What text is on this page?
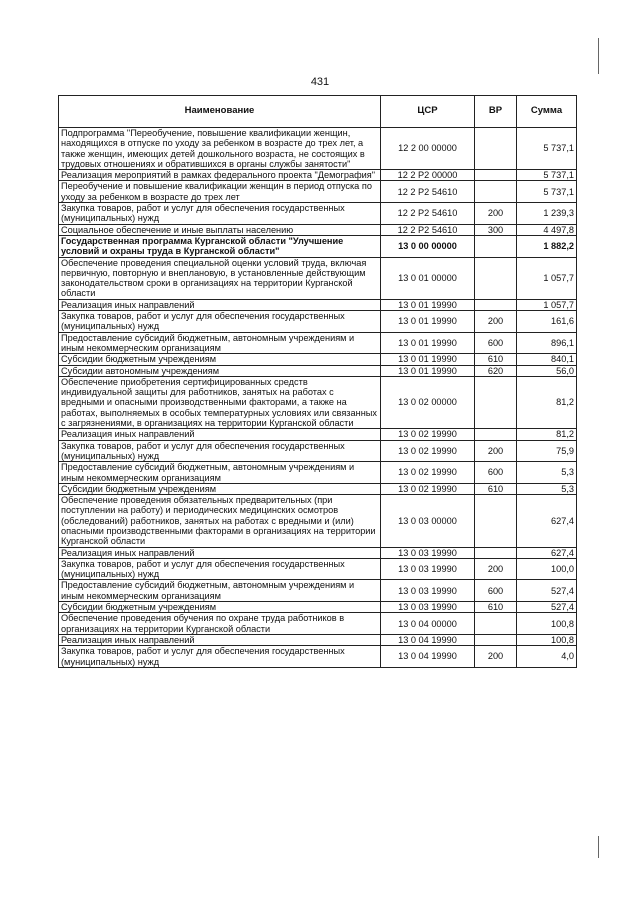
431
Наименование	ЦСР	ВР	Сумма
Подпрограмма "Переобучение, повышение квалификации женщин, находящихся в отпуске по уходу за ребенком в возрасте до трех лет, а также женщин, имеющих детей дошкольного возраста, не состоящих в трудовых отношениях и обратившихся в органы службы занятости"	12 2 00 00000		5 737,1
Реализация мероприятий в рамках федерального проекта "Демография"	12 2 P2 00000		5 737,1
Переобучение и повышение квалификации женщин в период отпуска по уходу за ребенком в возрасте до трех лет	12 2 P2 54610		5 737,1
Закупка товаров, работ и услуг для обеспечения государственных (муниципальных) нужд	12 2 P2 54610	200	1 239,3
Социальное обеспечение и иные выплаты населению	12 2 P2 54610	300	4 497,8
Государственная программа Курганской области "Улучшение условий и охраны труда в Курганской области"	13 0 00 00000		1 882,2
Обеспечение проведения специальной оценки условий труда, включая первичную, повторную и внеплановую, в установленные действующим законодательством сроки в организациях на территории Курганской области	13 0 01 00000		1 057,7
Реализация иных направлений	13 0 01 19990		1 057,7
Закупка товаров, работ и услуг для обеспечения государственных (муниципальных) нужд	13 0 01 19990	200	161,6
Предоставление субсидий бюджетным, автономным учреждениям и иным некоммерческим организациям	13 0 01 19990	600	896,1
Субсидии бюджетным учреждениям	13 0 01 19990	610	840,1
Субсидии автономным учреждениям	13 0 01 19990	620	56,0
Обеспечение приобретения сертифицированных средств индивидуальной защиты для работников, занятых на работах с вредными и опасными производственными факторами, а также на работах, выполняемых в особых температурных условиях или связанных с загрязнениями, в организациях на территории Курганской области	13 0 02 00000		81,2
Реализация иных направлений	13 0 02 19990		81,2
Закупка товаров, работ и услуг для обеспечения государственных (муниципальных) нужд	13 0 02 19990	200	75,9
Предоставление субсидий бюджетным, автономным учреждениям и иным некоммерческим организациям	13 0 02 19990	600	5,3
Субсидии бюджетным учреждениям	13 0 02 19990	610	5,3
Обеспечение проведения обязательных предварительных (при поступлении на работу) и периодических медицинских осмотров (обследований) работников, занятых на работах с вредными и (или) опасными производственными факторами в организациях на территории Курганской области	13 0 03 00000		627,4
Реализация иных направлений	13 0 03 19990		627,4
Закупка товаров, работ и услуг для обеспечения государственных (муниципальных) нужд	13 0 03 19990	200	100,0
Предоставление субсидий бюджетным, автономным учреждениям и иным некоммерческим организациям	13 0 03 19990	600	527,4
Субсидии бюджетным учреждениям	13 0 03 19990	610	527,4
Обеспечение проведения обучения по охране труда работников в организациях на территории Курганской области	13 0 04 00000		100,8
Реализация иных направлений	13 0 04 19990		100,8
Закупка товаров, работ и услуг для обеспечения государственных (муниципальных) нужд	13 0 04 19990	200	4,0
